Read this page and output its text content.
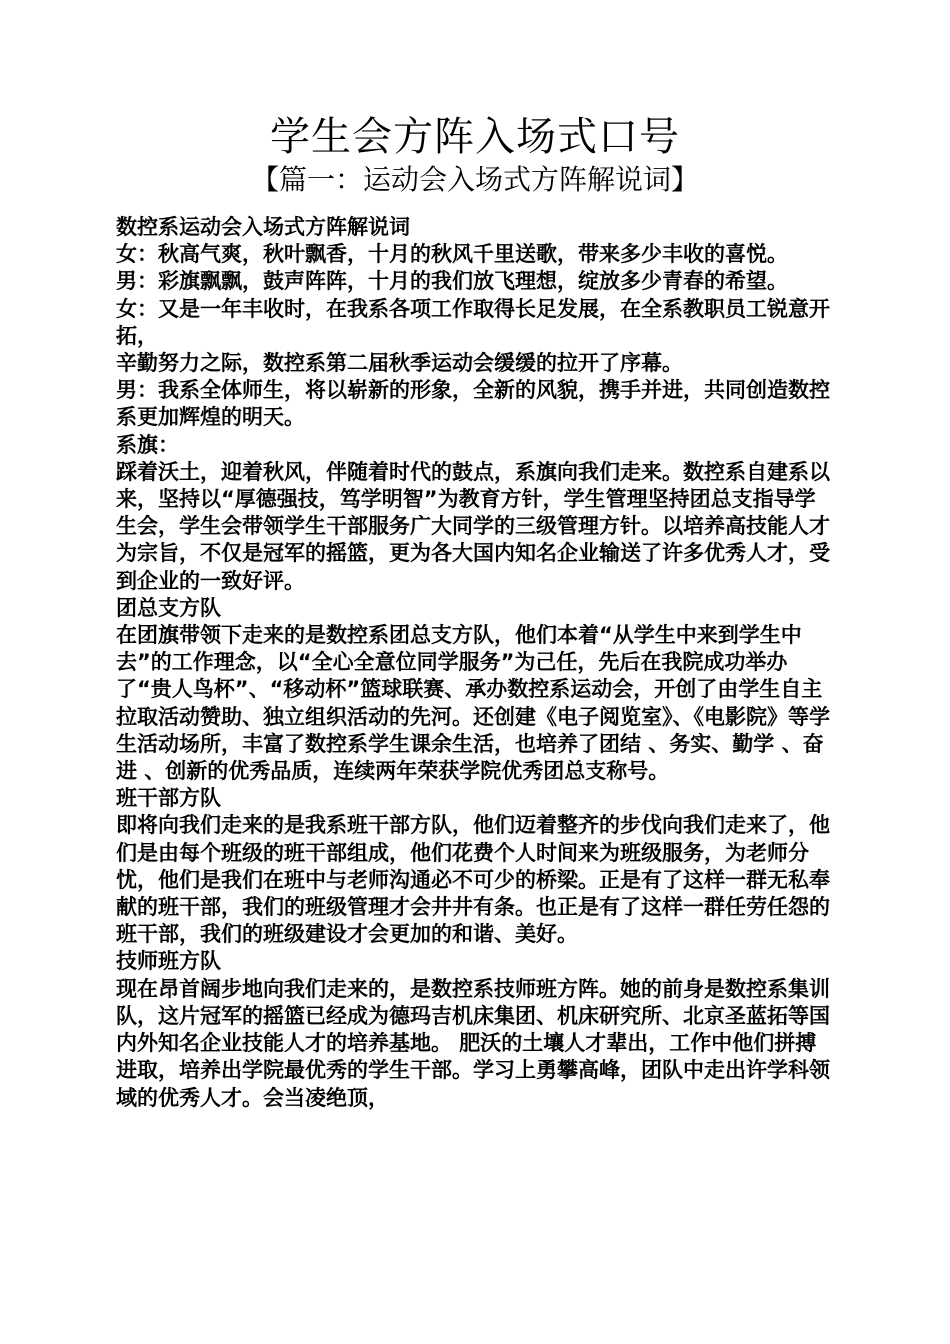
学生会方阵入场式口号
【篇一：运动会入场式方阵解说词】

数控系运动会入场式方阵解说词

女：秋高气爽，秋叶飘香，十月的秋风千里送歌，带来多少丰收的喜悦。 男：彩旗飘飘，鼓声阵阵，十月的我们放飞理想，绽放多少青春的希望。

女：又是一年丰收时，在我系各项工作取得长足发展，在全系教职员工锐意开拓，

辛勤努力之际，数控系第二届秋季运动会缓缓的拉开了序幕。

男：我系全体师生，将以崭新的形象，全新的风貌，携手并进，共同创造数控系更加辉煌的明天。

系旗：

踩着沃土，迎着秋风，伴随着时代的鼓点，系旗向我们走来。数控系自建系以来，坚持以“厚德强技，笃学明智”为教育方针，学生管理坚持团总支指导学生会，学生会带领学生干部服务广大同学的三级管理方针。以培养高技能人才为宗旨，不仅是冠军的摇篮，更为各大国内知名企业输送了许多优秀人才，受到企业的一致好评。

团总支方队

在团旗带领下走来的是数控系团总支方队，他们本着“从学生中来到学生中去”的工作理念，以“全心全意位同学服务”为己任，先后在我院成功举办了“贵人鸟杯”、“移动杯”篮球联赛、承办数控系运动会，开创了由学生自主拉取活动赞助、独立组织活动的先河。还创建《电子阅览室》、《电影院》等学生活动场所，丰富了数控系学生课余生活，也培养了团结 、务实、勤学 、奋进 、创新的优秀品质，连续两年荣获学院优秀团总支称号。

班干部方队

即将向我们走来的是我系班干部方队，他们迈着整齐的步伐向我们走来了，他们是由每个班级的班干部组成，他们花费个人时间来为班级服务，为老师分忧，他们是我们在班中与老师沟通必不可少的桥梁。正是有了这样一群无私奉献的班干部，我们的班级管理才会井井有条。也正是有了这样一群任劳任怨的班干部，我们的班级建设才会更加的和谐、美好。

技师班方队

现在昂首阔步地向我们走来的，是数控系技师班方阵。她的前身是数控系集训队，这片冠军的摇篮已经成为德玛吉机床集团、机床研究所、北京圣蓝拓等国内外知名企业技能人才的培养基地。 肥沃的土壤人才辈出，工作中他们拼搏进取，培养出学院最优秀的学生干部。学习上勇攀高峰，团队中走出许学科领域的优秀人才。会当凌绝顶，
